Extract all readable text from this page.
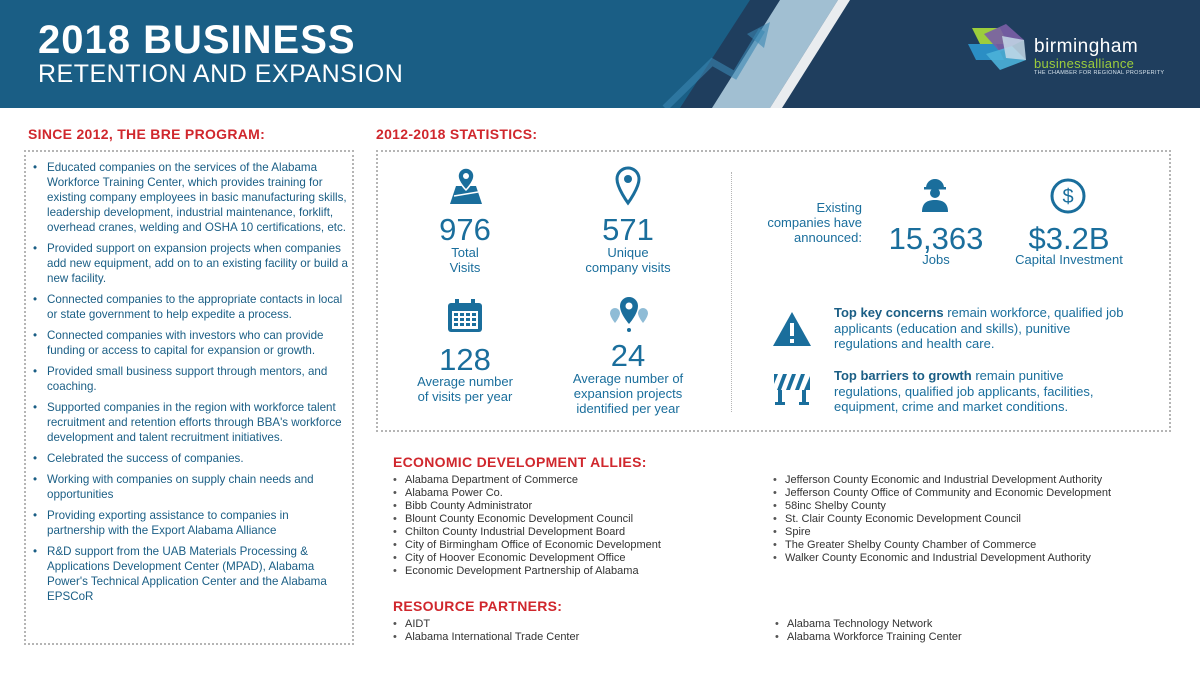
2018 BUSINESS
RETENTION AND EXPANSION
birmingham
businessalliance
THE CHAMBER FOR REGIONAL PROSPERITY
SINCE 2012, THE BRE PROGRAM:
• Educated companies on the services of the Alabama Workforce Training Center, which provides training for existing company employees in basic manufacturing skills, leadership development, industrial maintenance, forklift, overhead cranes, welding and OSHA 10 certifications, etc.
• Provided support on expansion projects when companies add new equipment, add on to an existing facility or build a new facility.
• Connected companies to the appropriate contacts in local or state government to help expedite a process.
• Connected companies with investors who can provide funding or access to capital for expansion or growth.
• Provided small business support through mentors, and coaching.
• Supported companies in the region with workforce talent recruitment and retention efforts through BBA's workforce development and talent recruitment initiatives.
• Celebrated the success of companies.
• Working with companies on supply chain needs and opportunities
• Providing exporting assistance to companies in partnership with the Export Alabama Alliance
• R&D support from the UAB Materials Processing & Applications Development Center (MPAD), Alabama Power's Technical Application Center and the Alabama EPSCoR
2012-2018 STATISTICS:
976
Total
Visits
571
Unique
company visits
128
Average number
of visits per year
24
Average number of
expansion projects
identified per year
Existing
companies have
announced: 15,363
Jobs
$
$3.2B
Capital Investment
Top key concerns remain workforce, qualified job applicants (education and skills), punitive regulations and health care.
Top barriers to growth remain punitive regulations, qualified job applicants, facilities, equipment, crime and market conditions.
ECONOMIC DEVELOPMENT ALLIES:
• Alabama Department of Commerce
• Alabama Power Co.
• Bibb County Administrator
• Blount County Economic Development Council
• Chilton County Industrial Development Board
• City of Birmingham Office of Economic Development
• City of Hoover Economic Development Office
• Economic Development Partnership of Alabama
• Jefferson County Economic and Industrial Development Authority
• Jefferson County Office of Community and Economic Development
• 58inc Shelby County
• St. Clair County Economic Development Council
• Spire
• The Greater Shelby County Chamber of Commerce
• Walker County Economic and Industrial Development Authority
RESOURCE PARTNERS:
• AIDT
• Alabama International Trade Center
• Alabama Technology Network
• Alabama Workforce Training Center
